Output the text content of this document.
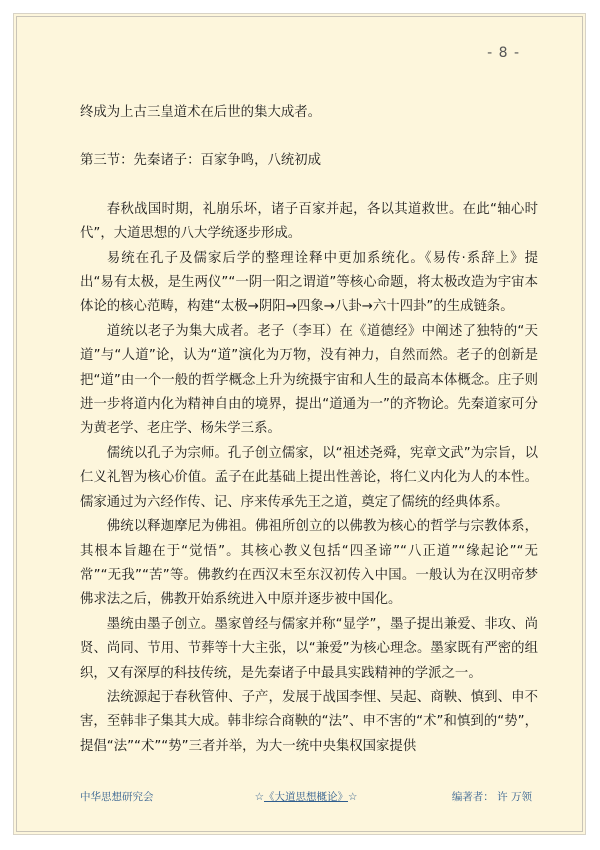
- 8 -

终成为上古三皇道术在后世的集大成者。

第三节：先秦诸子：百家争鸣，八统初成

春秋战国时期，礼崩乐坏，诸子百家并起，各以其道救世。在此“轴心时代”，大道思想的八大学统逐步形成。

易统在孔子及儒家后学的整理诠释中更加系统化。《易传·系辞上》提出“易有太极，是生两仪”“一阴一阳之谓道”等核心命题，将太极改造为宇宙本体论的核心范畴，构建“太极→阴阳→四象→八卦→六十四卦”的生成链条。

道统以老子为集大成者。老子（李耳）在《道德经》中阐述了独特的“天道”与“人道”论，认为“道”演化为万物，没有神力，自然而然。老子的创新是把“道”由一个一般的哲学概念上升为统摄宇宙和人生的最高本体概念。庄子则进一步将道内化为精神自由的境界，提出“道通为一”的齐物论。先秦道家可分为黄老学、老庄学、杨朱学三系。

儒统以孔子为宗师。孔子创立儒家，以“祖述尧舜，宪章文武”为宗旨，以仁义礼智为核心价值。孟子在此基础上提出性善论，将仁义内化为人的本性。儒家通过为六经作传、记、序来传承先王之道，奠定了儒统的经典体系。

佛统以释迦摩尼为佛祖。佛祖所创立的以佛教为核心的哲学与宗教体系，其根本旨趣在于“觉悟”。其核心教义包括“四圣谛”“八正道”“缘起论”“无常”“无我”“苦”等。佛教约在西汉末至东汉初传入中国。一般认为在汉明帝梦佛求法之后，佛教开始系统进入中原并逐步被中国化。

墨统由墨子创立。墨家曾经与儒家并称“显学”，墨子提出兼爱、非攻、尚贤、尚同、节用、节葬等十大主张，以“兼爱”为核心理念。墨家既有严密的组织，又有深厚的科技传统，是先秦诸子中最具实践精神的学派之一。

法统源起于春秋管仲、子产，发展于战国李悝、吴起、商鞅、慎到、申不害，至韩非子集其大成。韩非综合商鞅的“法”、申不害的“术”和慎到的“势”，提倡“法”“术”“势”三者并举，为大一统中央集权国家提供

中华思想研究会	☆《大道思想概论》☆	编著者： 许 万领
